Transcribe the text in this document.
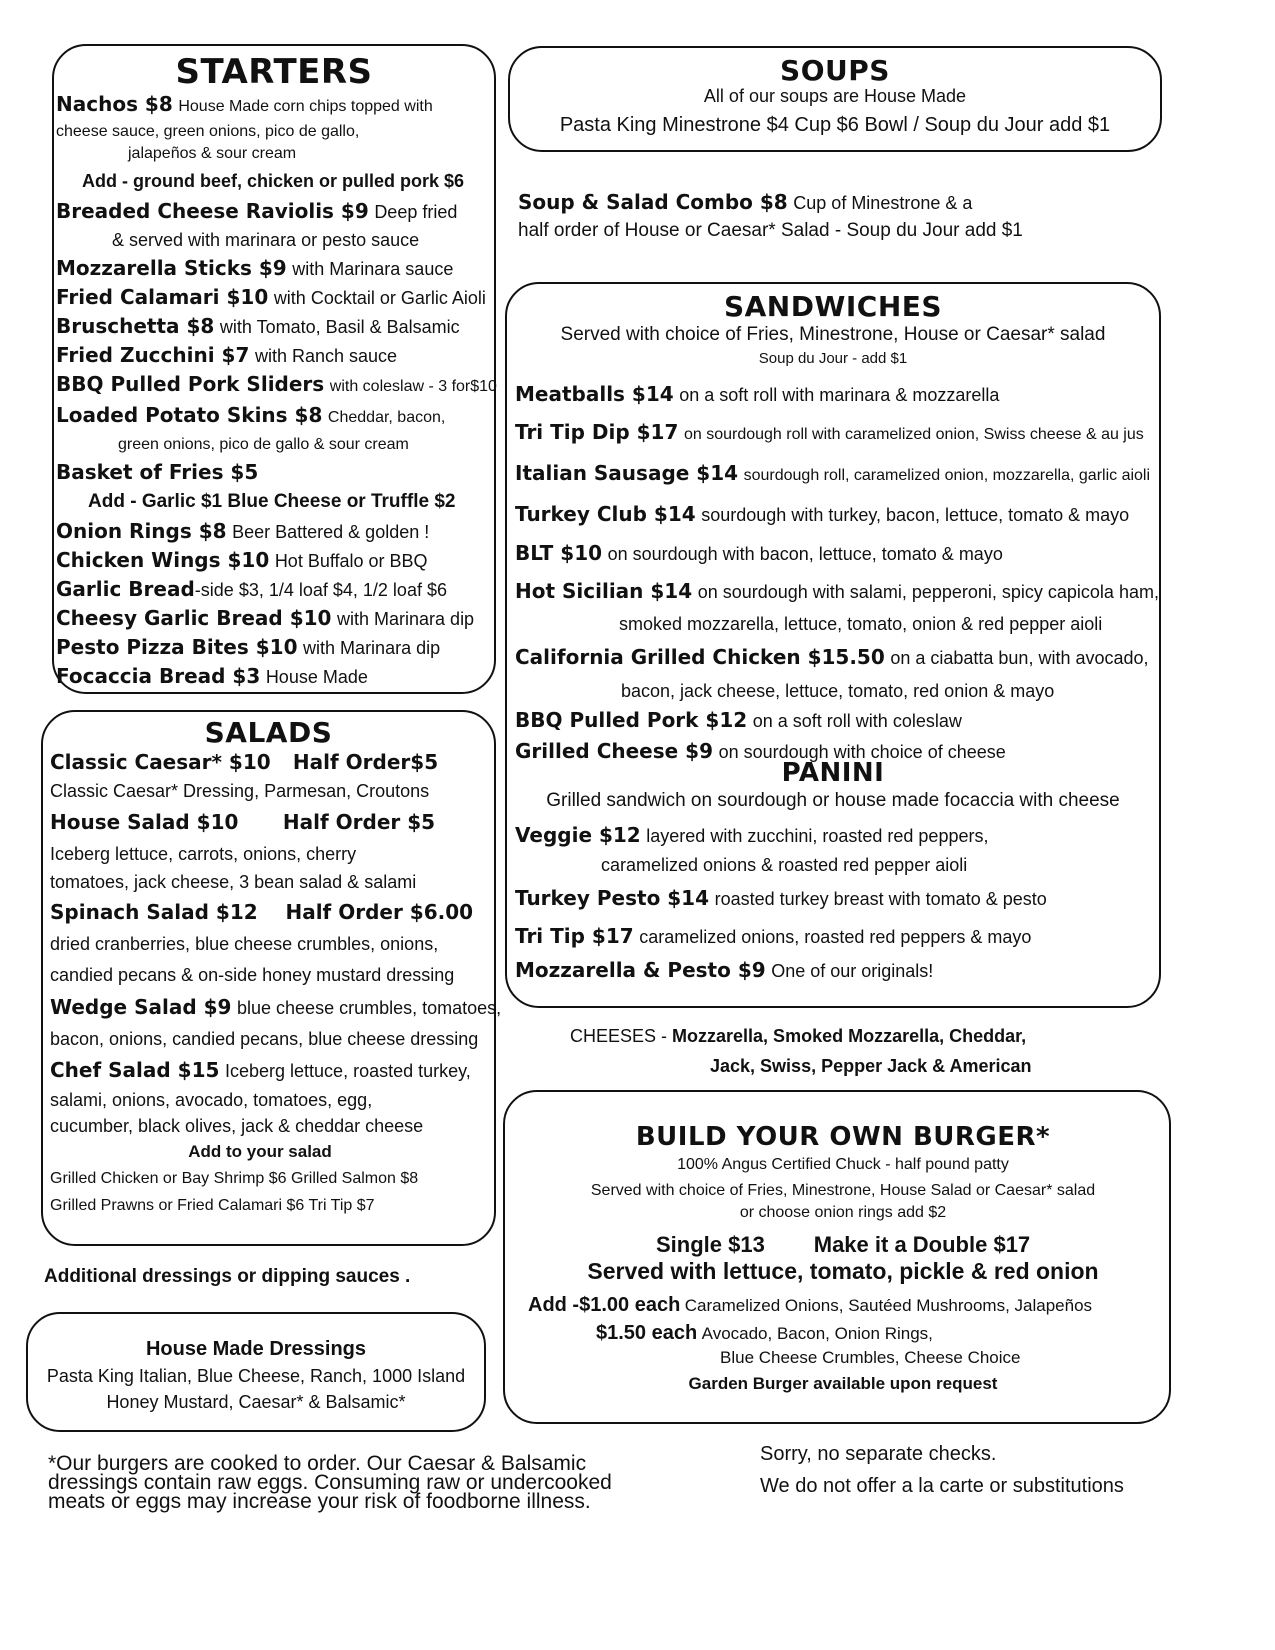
STARTERS
Nachos $8 House Made corn chips topped with
cheese sauce, green onions, pico de gallo,
jalapeños & sour cream
Add - ground beef, chicken or pulled pork $6
Breaded Cheese Raviolis $9 Deep fried
& served with marinara or pesto sauce
Mozzarella Sticks $9 with Marinara sauce
Fried Calamari $10 with Cocktail or Garlic Aioli
Bruschetta $8 with Tomato, Basil & Balsamic
Fried Zucchini $7 with Ranch sauce
BBQ Pulled Pork Sliders with coleslaw - 3 for$10
Loaded Potato Skins $8 Cheddar, bacon,
green onions, pico de gallo & sour cream
Basket of Fries $5
Add - Garlic $1 Blue Cheese or Truffle $2
Onion Rings $8 Beer Battered & golden !
Chicken Wings $10 Hot Buffalo or BBQ
Garlic Bread-side $3, 1/4 loaf $4, 1/2 loaf $6
Cheesy Garlic Bread $10 with Marinara dip
Pesto Pizza Bites $10 with Marinara dip
Focaccia Bread $3 House Made
SOUPS
All of our soups are House Made
Pasta King Minestrone $4 Cup $6 Bowl / Soup du Jour add $1
Soup & Salad Combo $8 Cup of Minestrone & a
half order of House or Caesar* Salad - Soup du Jour add $1
SANDWICHES
Served with choice of Fries, Minestrone, House or Caesar* salad
Soup du Jour - add $1
Meatballs $14 on a soft roll with marinara & mozzarella
Tri Tip Dip $17 on sourdough roll with caramelized onion, Swiss cheese & au jus
Italian Sausage $14 sourdough roll, caramelized onion, mozzarella, garlic aioli
Turkey Club $14 sourdough with turkey, bacon, lettuce, tomato & mayo
BLT $10 on sourdough with bacon, lettuce, tomato & mayo
Hot Sicilian $14 on sourdough with salami, pepperoni, spicy capicola ham,
smoked mozzarella, lettuce, tomato, onion & red pepper aioli
California Grilled Chicken $15.50 on a ciabatta bun, with avocado,
bacon, jack cheese, lettuce, tomato, red onion & mayo
BBQ Pulled Pork $12 on a soft roll with coleslaw
Grilled Cheese $9 on sourdough with choice of cheese
PANINI
Grilled sandwich on sourdough or house made focaccia with cheese
Veggie $12 layered with zucchini, roasted red peppers,
caramelized onions & roasted red pepper aioli
Turkey Pesto $14 roasted turkey breast with tomato & pesto
Tri Tip $17 caramelized onions, roasted red peppers & mayo
Mozzarella & Pesto $9 One of our originals!
CHEESES - Mozzarella, Smoked Mozzarella, Cheddar,
Jack, Swiss, Pepper Jack & American
SALADS
Classic Caesar* $10 Half Order$5
Classic Caesar* Dressing, Parmesan, Croutons
House Salad $10 Half Order $5
Iceberg lettuce, carrots, onions, cherry
tomatoes, jack cheese, 3 bean salad & salami
Spinach Salad $12 Half Order $6.00
dried cranberries, blue cheese crumbles, onions,
candied pecans & on-side honey mustard dressing
Wedge Salad $9 blue cheese crumbles, tomatoes,
bacon, onions, candied pecans, blue cheese dressing
Chef Salad $15 Iceberg lettuce, roasted turkey,
salami, onions, avocado, tomatoes, egg,
cucumber, black olives, jack & cheddar cheese
Add to your salad
Grilled Chicken or Bay Shrimp $6 Grilled Salmon $8
Grilled Prawns or Fried Calamari $6 Tri Tip $7
Additional dressings or dipping sauces .
House Made Dressings
Pasta King Italian, Blue Cheese, Ranch, 1000 Island
Honey Mustard, Caesar* & Balsamic*
BUILD YOUR OWN BURGER*
100% Angus Certified Chuck - half pound patty
Served with choice of Fries, Minestrone, House Salad or Caesar* salad
or choose onion rings add $2
Single $13 Make it a Double $17
Served with lettuce, tomato, pickle & red onion
Add -$1.00 each Caramelized Onions, Sautéed Mushrooms, Jalapeños
$1.50 each Avocado, Bacon, Onion Rings,
Blue Cheese Crumbles, Cheese Choice
Garden Burger available upon request
*Our burgers are cooked to order. Our Caesar & Balsamic
dressings contain raw eggs. Consuming raw or undercooked
meats or eggs may increase your risk of foodborne illness.
Sorry, no separate checks.
We do not offer a la carte or substitutions
